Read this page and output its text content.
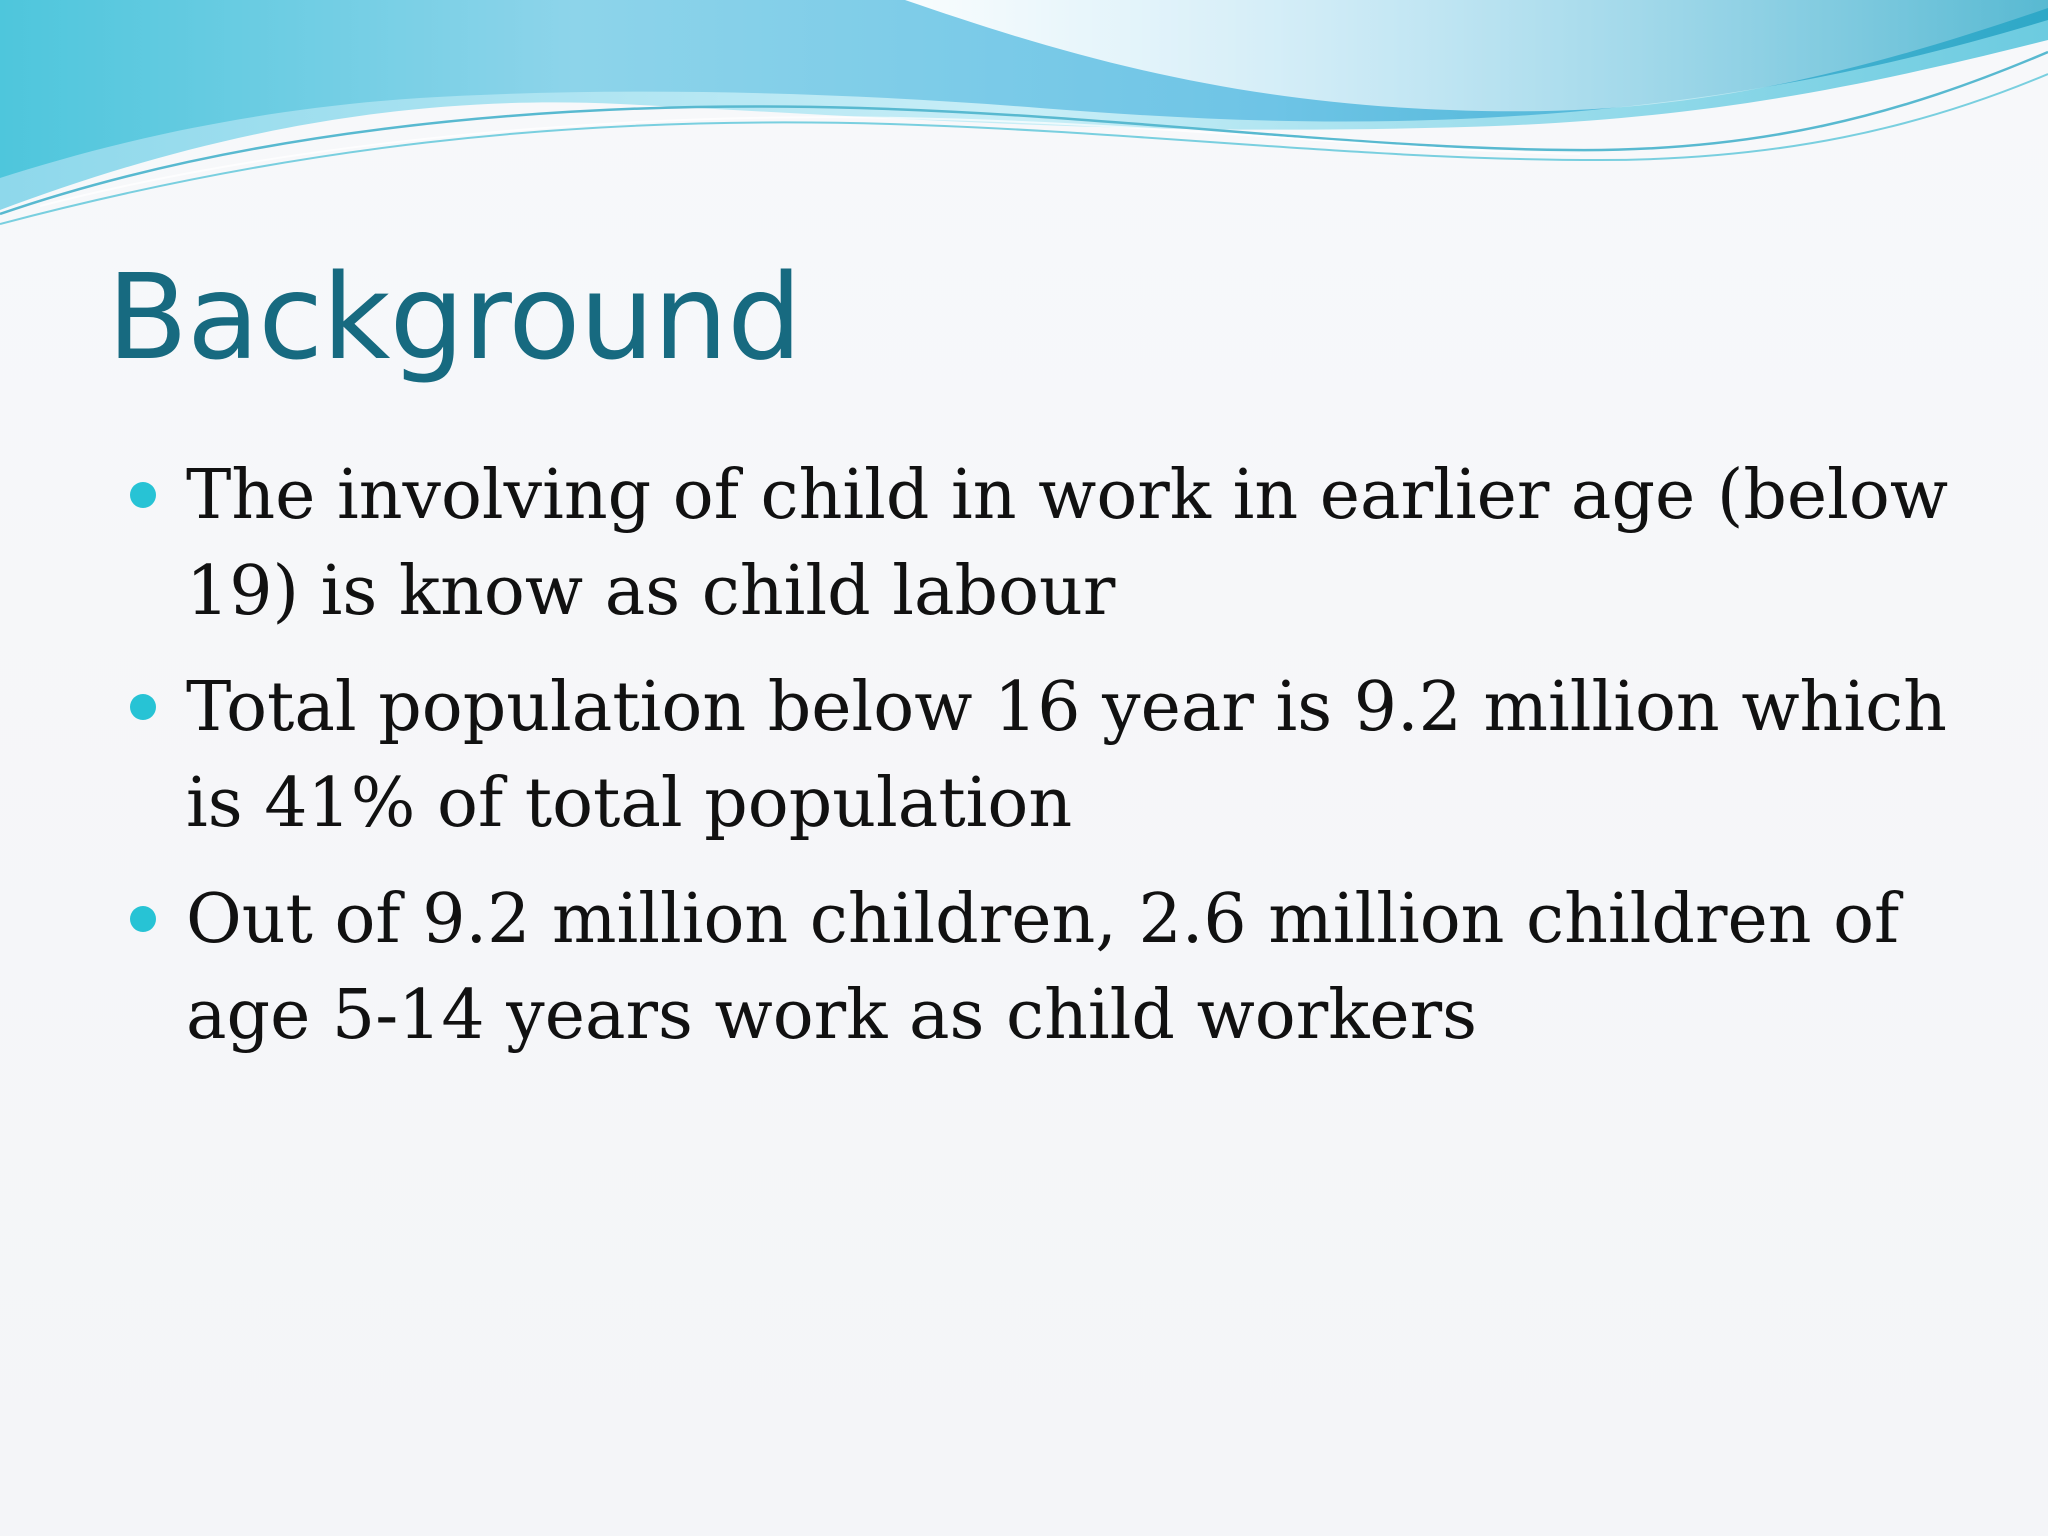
Background
The involving of child in work in earlier age (below 19) is know as child labour
Total population below 16 year is 9.2 million which is 41% of total population
Out of 9.2 million children, 2.6 million children of age 5-14 years work as child workers
